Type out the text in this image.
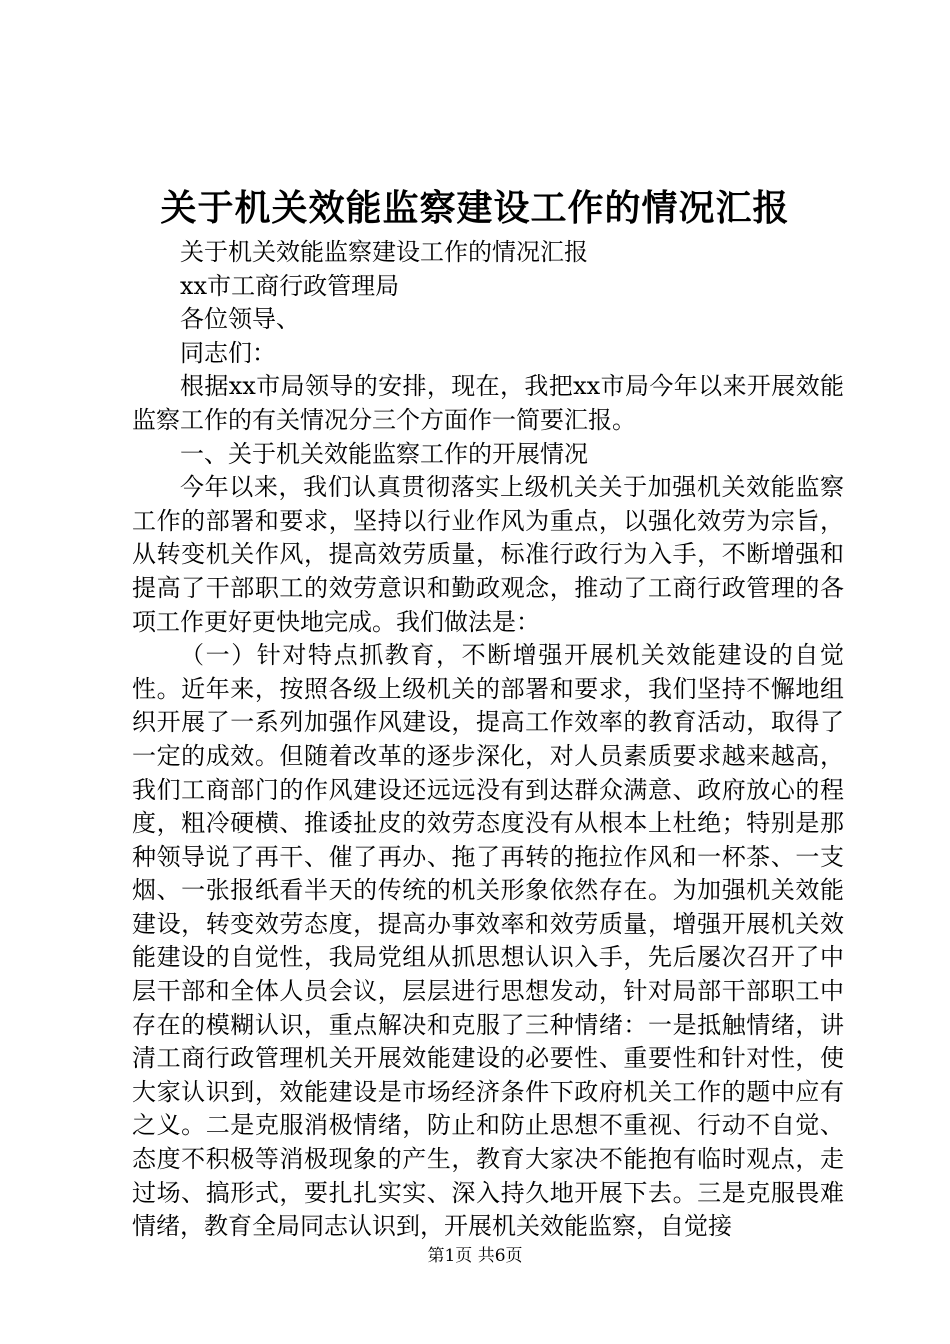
关于机关效能监察建设工作的情况汇报

关于机关效能监察建设工作的情况汇报

xx市工商行政管理局

各位领导、

同志们：

根据xx市局领导的安排，现在，我把xx市局今年以来开展效能监察工作的有关情况分三个方面作一简要汇报。

一、关于机关效能监察工作的开展情况

今年以来，我们认真贯彻落实上级机关关于加强机关效能监察工作的部署和要求，坚持以行业作风为重点，以强化效劳为宗旨，从转变机关作风，提高效劳质量，标准行政行为入手，不断增强和提高了干部职工的效劳意识和勤政观念，推动了工商行政管理的各项工作更好更快地完成。我们做法是：

（一）针对特点抓教育，不断增强开展机关效能建设的自觉性。近年来，按照各级上级机关的部署和要求，我们坚持不懈地组织开展了一系列加强作风建设，提高工作效率的教育活动，取得了一定的成效。但随着改革的逐步深化，对人员素质要求越来越高，我们工商部门的作风建设还远远没有到达群众满意、政府放心的程度，粗冷硬横、推诿扯皮的效劳态度没有从根本上杜绝；特别是那种领导说了再干、催了再办、拖了再转的拖拉作风和一杯茶、一支烟、一张报纸看半天的传统的机关形象依然存在。为加强机关效能建设，转变效劳态度，提高办事效率和效劳质量，增强开展机关效能建设的自觉性，我局党组从抓思想认识入手，先后屡次召开了中层干部和全体人员会议，层层进行思想发动，针对局部干部职工中存在的模糊认识，重点解决和克服了三种情绪：一是抵触情绪，讲清工商行政管理机关开展效能建设的必要性、重要性和针对性，使大家认识到，效能建设是市场经济条件下政府机关工作的题中应有之义。二是克服消极情绪，防止和防止思想不重视、行动不自觉、态度不积极等消极现象的产生，教育大家决不能抱有临时观点，走过场、搞形式，要扎扎实实、深入持久地开展下去。三是克服畏难情绪，教育全局同志认识到，开展机关效能监察，自觉接

第1页 共6页
